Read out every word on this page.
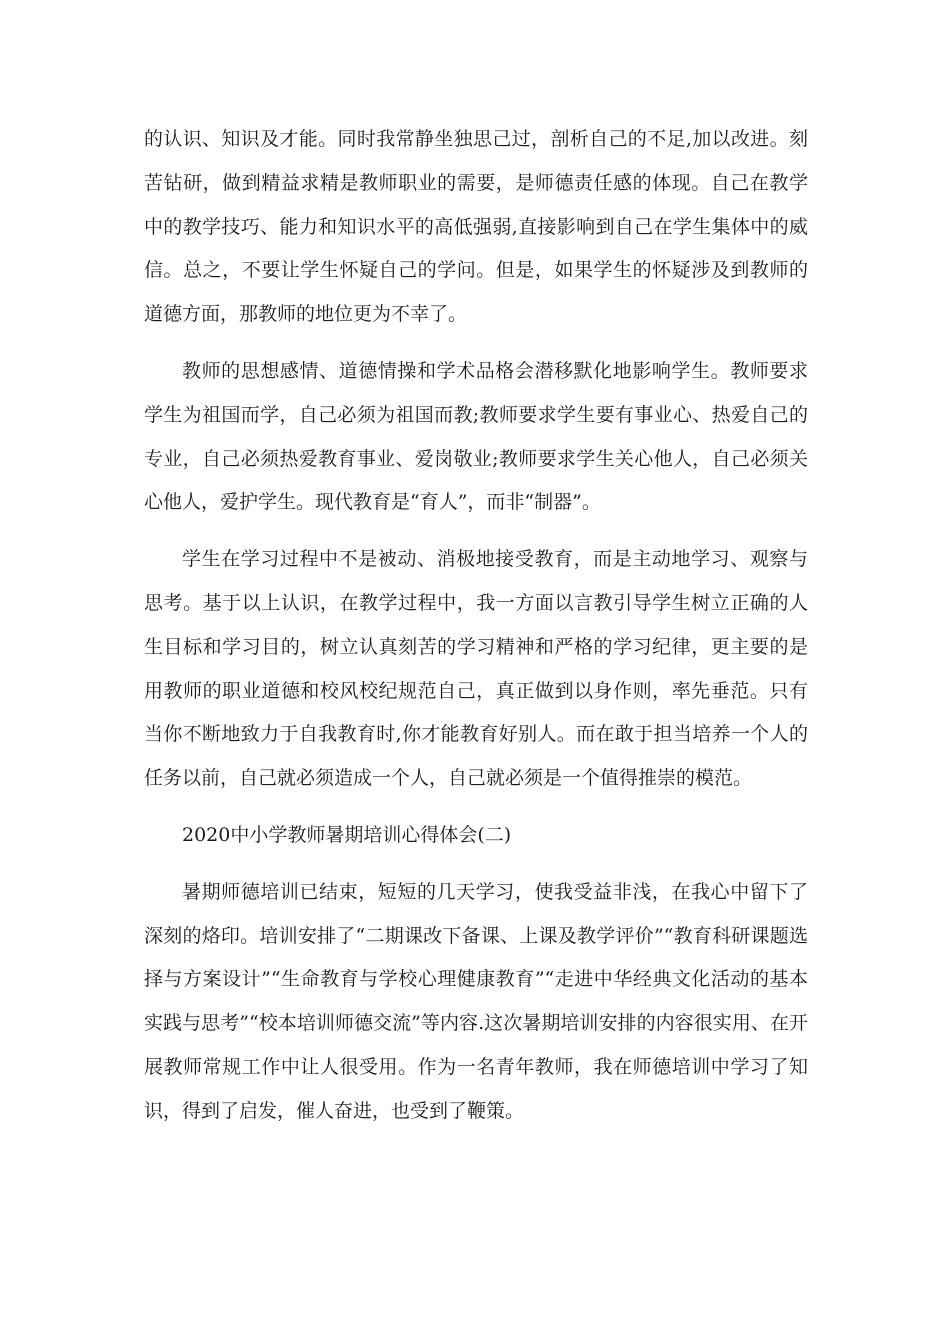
的认识、知识及才能。同时我常静坐独思己过，剖析自己的不足,加以改进。刻苦钻研，做到精益求精是教师职业的需要，是师德责任感的体现。自己在教学中的教学技巧、能力和知识水平的高低强弱,直接影响到自己在学生集体中的威信。总之，不要让学生怀疑自己的学问。但是，如果学生的怀疑涉及到教师的道德方面，那教师的地位更为不幸了。

教师的思想感情、道德情操和学术品格会潜移默化地影响学生。教师要求学生为祖国而学，自己必须为祖国而教;教师要求学生要有事业心、热爱自己的专业，自己必须热爱教育事业、爱岗敬业;教师要求学生关心他人，自己必须关心他人，爱护学生。现代教育是“育人”，而非“制器”。

学生在学习过程中不是被动、消极地接受教育，而是主动地学习、观察与思考。基于以上认识，在教学过程中，我一方面以言教引导学生树立正确的人生目标和学习目的，树立认真刻苦的学习精神和严格的学习纪律，更主要的是用教师的职业道德和校风校纪规范自己，真正做到以身作则，率先垂范。只有当你不断地致力于自我教育时,你才能教育好别人。而在敢于担当培养一个人的任务以前，自己就必须造成一个人，自己就必须是一个值得推崇的模范。

2020中小学教师暑期培训心得体会(二)

暑期师德培训已结束，短短的几天学习，使我受益非浅，在我心中留下了深刻的烙印。培训安排了“二期课改下备课、上课及教学评价”“教育科研课题选择与方案设计”“生命教育与学校心理健康教育”“走进中华经典文化活动的基本实践与思考”“校本培训师德交流”等内容.这次暑期培训安排的内容很实用、在开展教师常规工作中让人很受用。作为一名青年教师，我在师德培训中学习了知识，得到了启发，催人奋进，也受到了鞭策。
